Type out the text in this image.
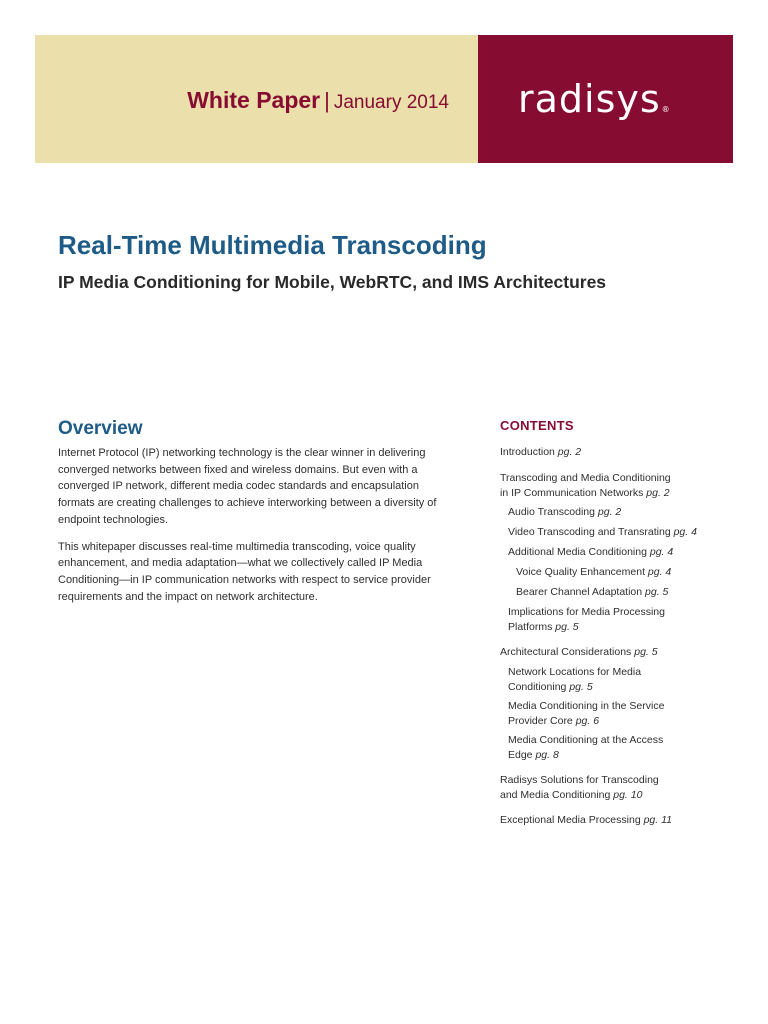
White Paper | January 2014 radisys®
Real-Time Multimedia Transcoding
IP Media Conditioning for Mobile, WebRTC, and IMS Architectures
Overview

Internet Protocol (IP) networking technology is the clear winner in delivering converged networks between fixed and wireless domains. But even with a converged IP network, different media codec standards and encapsulation formats are creating challenges to achieve interworking between a diversity of endpoint technologies.

This whitepaper discusses real-time multimedia transcoding, voice quality enhancement, and media adaptation—what we collectively called IP Media Conditioning—in IP communication networks with respect to service provider requirements and the impact on network architecture.

CONTENTS
Introduction pg. 2
Transcoding and Media Conditioning
in IP Communication Networks pg. 2
Audio Transcoding pg. 2
Video Transcoding and Transrating pg. 4
Additional Media Conditioning pg. 4
Voice Quality Enhancement pg. 4
Bearer Channel Adaptation pg. 5
Implications for Media Processing
Platforms pg. 5
Architectural Considerations pg. 5
Network Locations for Media
Conditioning pg. 5
Media Conditioning in the Service
Provider Core pg. 6
Media Conditioning at the Access
Edge pg. 8
Radisys Solutions for Transcoding
and Media Conditioning pg. 10
Exceptional Media Processing pg. 11
